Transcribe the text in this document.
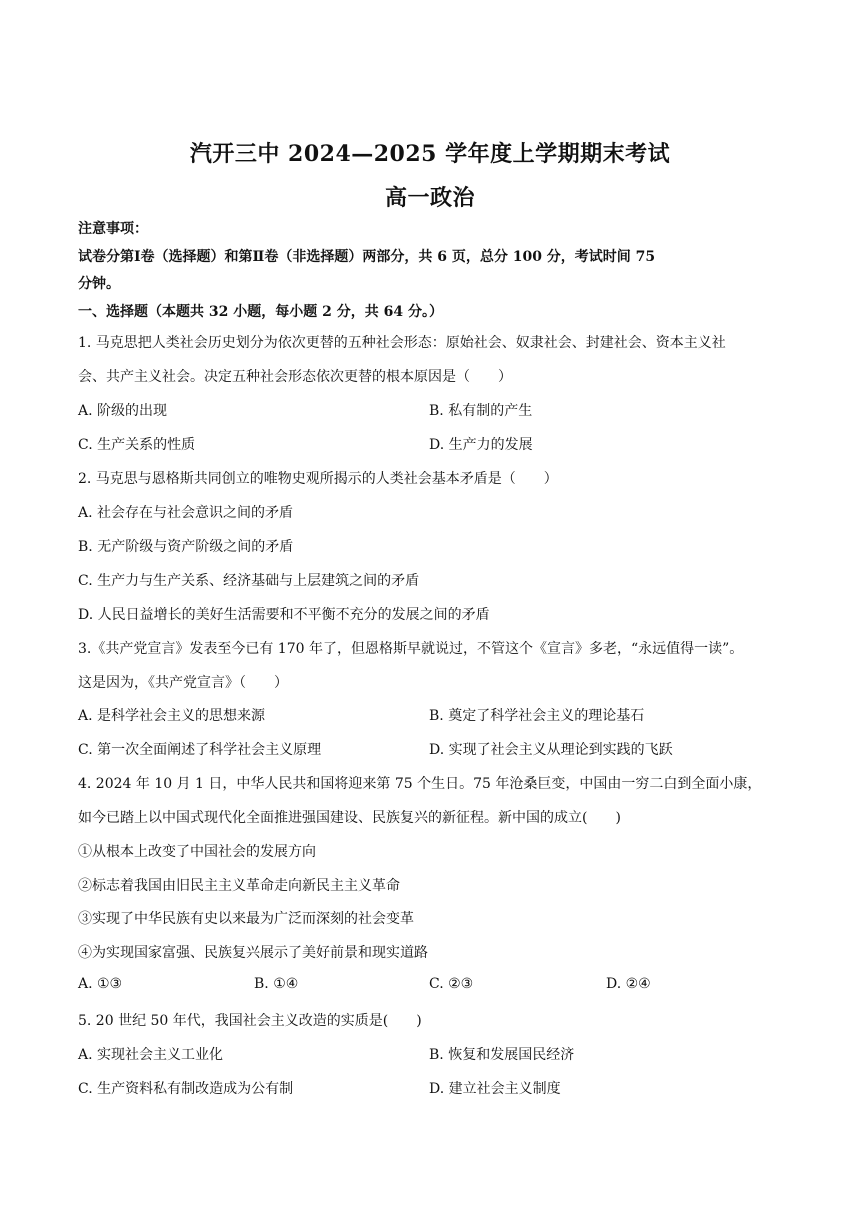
汽开三中 2024—2025 学年度上学期期末考试
高一政治
注意事项：
试卷分第Ⅰ卷（选择题）和第Ⅱ卷（非选择题）两部分，共 6 页，总分 100 分，考试时间 75
分钟。
一、选择题（本题共 32 小题，每小题 2 分，共 64 分。）
1. 马克思把人类社会历史划分为依次更替的五种社会形态：原始社会、奴隶社会、封建社会、资本主义社
会、共产主义社会。决定五种社会形态依次更替的根本原因是（　　）
A. 阶级的出现	B. 私有制的产生
C. 生产关系的性质	D. 生产力的发展
2. 马克思与恩格斯共同创立的唯物史观所揭示的人类社会基本矛盾是（　　）
A. 社会存在与社会意识之间的矛盾
B. 无产阶级与资产阶级之间的矛盾
C. 生产力与生产关系、经济基础与上层建筑之间的矛盾
D. 人民日益增长的美好生活需要和不平衡不充分的发展之间的矛盾
3.《共产党宣言》发表至今已有 170 年了，但恩格斯早就说过，不管这个《宣言》多老，“永远值得一读”。
这是因为，《共产党宣言》（　　）
A. 是科学社会主义的思想来源	B. 奠定了科学社会主义的理论基石
C. 第一次全面阐述了科学社会主义原理	D. 实现了社会主义从理论到实践的飞跃
4. 2024 年 10 月 1 日，中华人民共和国将迎来第 75 个生日。75 年沧桑巨变，中国由一穷二白到全面小康，
如今已踏上以中国式现代化全面推进强国建设、民族复兴的新征程。新中国的成立(　　)
①从根本上改变了中国社会的发展方向
②标志着我国由旧民主主义革命走向新民主主义革命
③实现了中华民族有史以来最为广泛而深刻的社会变革
④为实现国家富强、民族复兴展示了美好前景和现实道路
A. ①③	B. ①④	C. ②③	D. ②④
5. 20 世纪 50 年代，我国社会主义改造的实质是(　　)
A. 实现社会主义工业化	B. 恢复和发展国民经济
C. 生产资料私有制改造成为公有制	D. 建立社会主义制度
